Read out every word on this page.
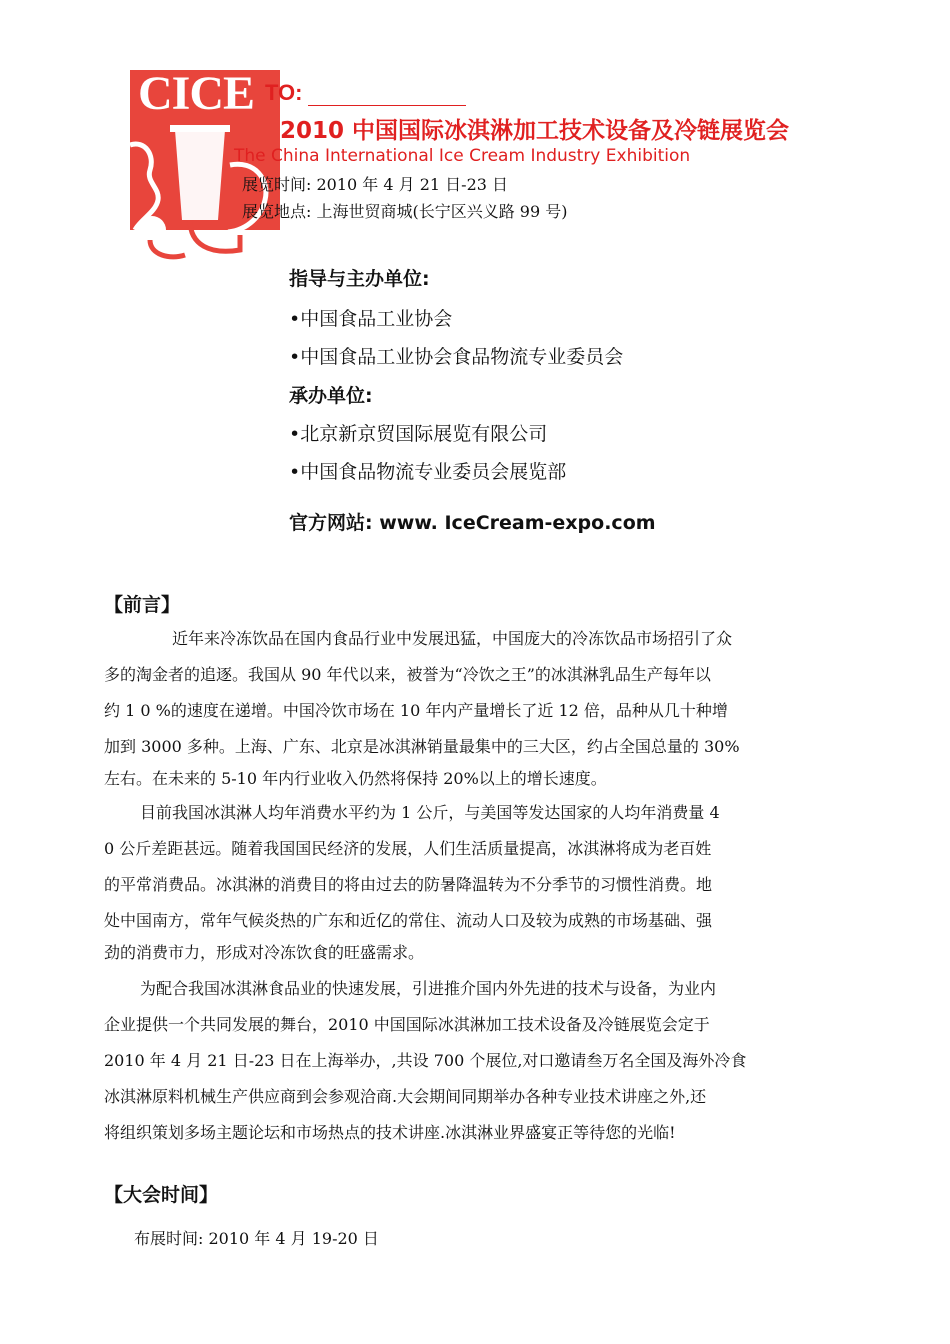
CICE TO:
2010 中国国际冰淇淋加工技术设备及冷链展览会
The China International Ice Cream Industry Exhibition
展览时间: 2010 年 4 月 21 日-23 日
展览地点: 上海世贸商城(长宁区兴义路 99 号)
指导与主办单位:
•中国食品工业协会
•中国食品工业协会食品物流专业委员会
承办单位:
•北京新京贸国际展览有限公司
•中国食品物流专业委员会展览部
官方网站: www. IceCream-expo.com
【前言】
近年来冷冻饮品在国内食品行业中发展迅猛，中国庞大的冷冻饮品市场招引了众
多的淘金者的追逐。我国从 90 年代以来，被誉为“冷饮之王”的冰淇淋乳品生产每年以
约 1 0 %的速度在递增。中国冷饮市场在 10 年内产量增长了近 12 倍，品种从几十种增
加到 3000 多种。上海、广东、北京是冰淇淋销量最集中的三大区，约占全国总量的 30%
左右。在未来的 5-10 年内行业收入仍然将保持 20%以上的增长速度。
目前我国冰淇淋人均年消费水平约为 1 公斤，与美国等发达国家的人均年消费量 4
0 公斤差距甚远。随着我国国民经济的发展，人们生活质量提高，冰淇淋将成为老百姓
的平常消费品。冰淇淋的消费目的将由过去的防暑降温转为不分季节的习惯性消费。地
处中国南方，常年气候炎热的广东和近亿的常住、流动人口及较为成熟的市场基础、强
劲的消费市力，形成对冷冻饮食的旺盛需求。
为配合我国冰淇淋食品业的快速发展，引进推介国内外先进的技术与设备，为业内
企业提供一个共同发展的舞台，2010 中国国际冰淇淋加工技术设备及冷链展览会定于
2010 年 4 月 21 日-23 日在上海举办，,共设 700 个展位,对口邀请叁万名全国及海外冷食
冰淇淋原料机械生产供应商到会参观洽商.大会期间同期举办各种专业技术讲座之外,还
将组织策划多场主题论坛和市场热点的技术讲座.冰淇淋业界盛宴正等待您的光临!
【大会时间】
布展时间: 2010 年 4 月 19-20 日
